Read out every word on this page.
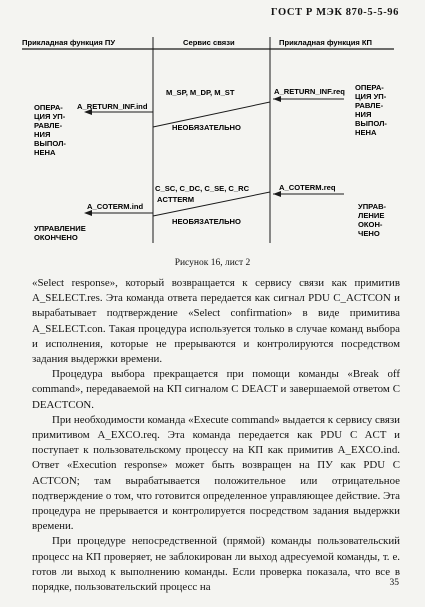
ГОСТ Р МЭК 870-5-5-96
Прикладная функция ПУ	Сервис связи	Прикладная функция КП
M_SP, M_DP, M_ST
НЕОБЯЗАТЕЛЬНО
C_SC, C_DC, C_SE, C_RC
ACTTERM
НЕОБЯЗАТЕЛЬНО
A_RETURN_INF.req
A_RETURN_INF.ind
A_COTERM.req
A_COTERM.ind
ОПЕРА-
ЦИЯ УП-
РАВЛЕ-
НИЯ
ВЫПОЛ-
НЕНА
ОПЕРА-
ЦИЯ УП-
РАВЛЕ-
НИЯ
ВЫПОЛ-
НЕНА
УПРАВ-
ЛЕНИЕ
ОКОН-
ЧЕНО
УПРАВЛЕНИЕ
ОКОНЧЕНО
Рисунок 16, лист 2

«Select response», который возвращается к сервису связи как примитив A_SELECT.res. Эта команда ответа передается как сигнал PDU C_ACTCON и вырабатывает подтверждение «Select confirmation» в виде примитива A_SELECT.con. Такая процедура используется только в случае команд выбора и исполнения, которые не прерываются и контролируются посредством задания выдержки времени.

Процедура выбора прекращается при помощи команды «Break off command», передаваемой на КП сигналом C DEACT и завершаемой ответом C DEACTCON.

При необходимости команда «Execute command» выдается к сервису связи примитивом A_EXCO.req. Эта команда передается как PDU C ACT и поступает к пользовательскому процессу на КП как примитив A_EXCO.ind. Ответ «Execution response» может быть возвращен на ПУ как PDU C ACTCON; там вырабатывается положительное или отрицательное подтверждение о том, что готовится определенное управляющее действие. Эта процедура не прерывается и контролируется посредством задания выдержки времени.

При процедуре непосредственной (прямой) команды пользовательский процесс на КП проверяет, не заблокирован ли выход адресуемой команды, т. е. готов ли выход к выполнению команды. Если проверка показала, что все в порядке, пользовательский процесс на	35
